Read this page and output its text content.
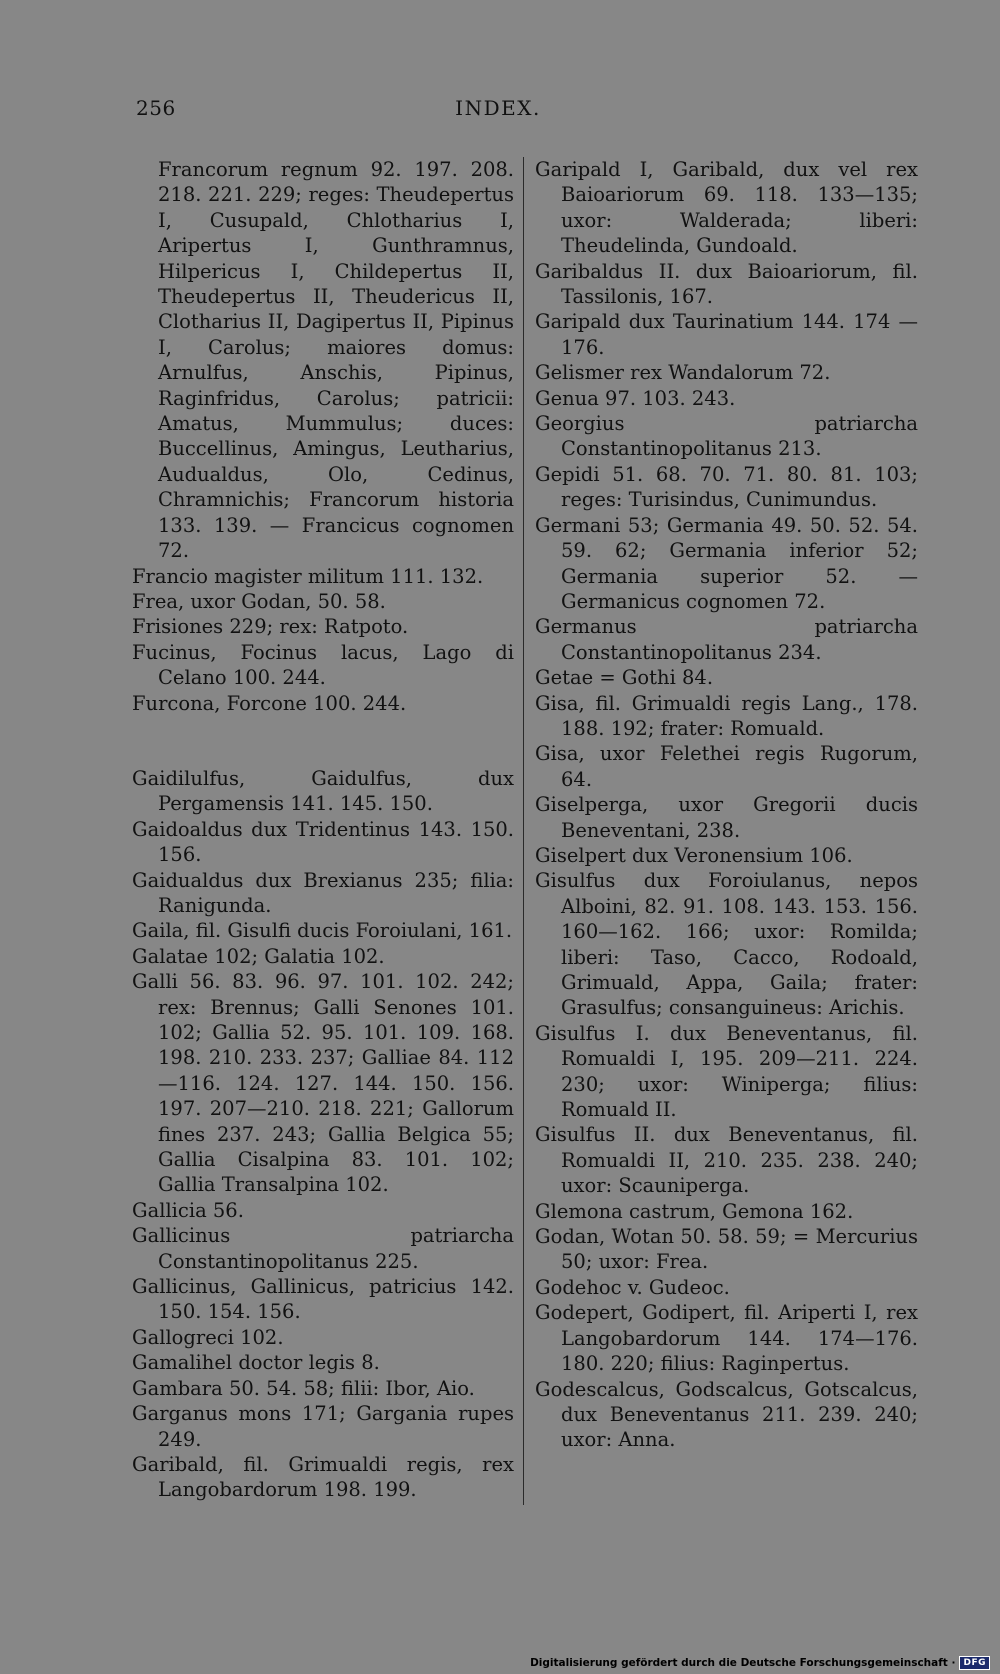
256	INDEX.

Francorum regnum 92. 197. 208. 218. 221. 229; reges: Theudepertus I, Cusupald, Chlotharius I, Aripertus I, Gunthramnus, Hilpericus I, Childepertus II, Theudepertus II, Theudericus II, Clotharius II, Dagipertus II, Pipinus I, Carolus; maiores domus: Arnulfus, Anschis, Pipinus, Raginfridus, Carolus; patricii: Amatus, Mummulus; duces: Buccellinus, Amingus, Leutharius, Audualdus, Olo, Cedinus, Chramnichis; Francorum historia 133. 139. — Francicus cognomen 72.

Francio magister militum 111. 132.

Frea, uxor Godan, 50. 58.

Frisiones 229; rex: Ratpoto.

Fucinus, Focinus lacus, Lago di Celano 100. 244.

Furcona, Forcone 100. 244.

Gaidilulfus, Gaidulfus, dux Pergamensis 141. 145. 150.

Gaidoaldus dux Tridentinus 143. 150. 156.

Gaidualdus dux Brexianus 235; filia: Ranigunda.

Gaila, fil. Gisulfi ducis Foroiulani, 161.

Galatae 102; Galatia 102.

Galli 56. 83. 96. 97. 101. 102. 242; rex: Brennus; Galli Senones 101. 102; Gallia 52. 95. 101. 109. 168. 198. 210. 233. 237; Galliae 84. 112—116. 124. 127. 144. 150. 156. 197. 207—210. 218. 221; Gallorum fines 237. 243; Gallia Belgica 55; Gallia Cisalpina 83. 101. 102; Gallia Transalpina 102.

Gallicia 56.

Gallicinus patriarcha Constantinopolitanus 225.

Gallicinus, Gallinicus, patricius 142. 150. 154. 156.

Gallogreci 102.

Gamalihel doctor legis 8.

Gambara 50. 54. 58; filii: Ibor, Aio.

Garganus mons 171; Gargania rupes 249.

Garibald, fil. Grimualdi regis, rex Langobardorum 198. 199.

Garipald I, Garibald, dux vel rex Baioariorum 69. 118. 133—135; uxor: Walderada; liberi: Theudelinda, Gundoald.

Garibaldus II. dux Baioariorum, fil. Tassilonis, 167.

Garipald dux Taurinatium 144. 174 —176.

Gelismer rex Wandalorum 72.

Genua 97. 103. 243.

Georgius patriarcha Constantinopolitanus 213.

Gepidi 51. 68. 70. 71. 80. 81. 103; reges: Turisindus, Cunimundus.

Germani 53; Germania 49. 50. 52. 54. 59. 62; Germania inferior 52; Germania superior 52. — Germanicus cognomen 72.

Germanus patriarcha Constantinopolitanus 234.

Getae = Gothi 84.

Gisa, fil. Grimualdi regis Lang., 178. 188. 192; frater: Romuald.

Gisa, uxor Felethei regis Rugorum, 64.

Giselperga, uxor Gregorii ducis Beneventani, 238.

Giselpert dux Veronensium 106.

Gisulfus dux Foroiulanus, nepos Alboini, 82. 91. 108. 143. 153. 156. 160—162. 166; uxor: Romilda; liberi: Taso, Cacco, Rodoald, Grimuald, Appa, Gaila; frater: Grasulfus; consanguineus: Arichis.

Gisulfus I. dux Beneventanus, fil. Romualdi I, 195. 209—211. 224. 230; uxor: Winiperga; filius: Romuald II.

Gisulfus II. dux Beneventanus, fil. Romualdi II, 210. 235. 238. 240; uxor: Scauniperga.

Glemona castrum, Gemona 162.

Godan, Wotan 50. 58. 59; = Mercurius 50; uxor: Frea.

Godehoc v. Gudeoc.

Godepert, Godipert, fil. Ariperti I, rex Langobardorum 144. 174—176. 180. 220; filius: Raginpertus.

Godescalcus, Godscalcus, Gotscalcus, dux Beneventanus 211. 239. 240; uxor: Anna.

Digitalisierung gefördert durch die Deutsche Forschungsgemeinschaft · DFG
